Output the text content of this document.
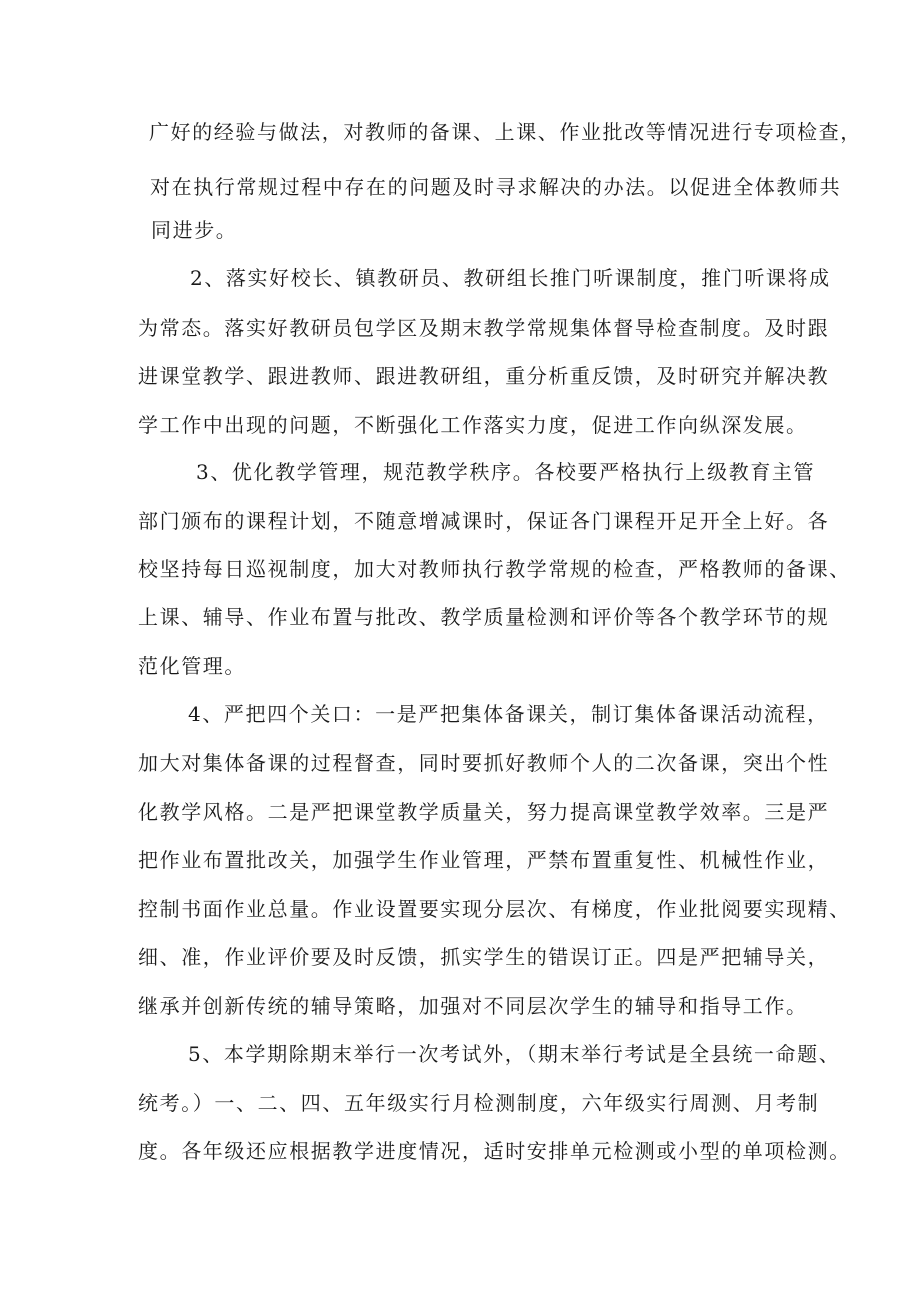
广好的经验与做法，对教师的备课、上课、作业批改等情况进行专项检查，
对在执行常规过程中存在的问题及时寻求解决的办法。以促进全体教师共
同进步。
2、落实好校长、镇教研员、教研组长推门听课制度，推门听课将成
为常态。落实好教研员包学区及期末教学常规集体督导检查制度。及时跟
进课堂教学、跟进教师、跟进教研组，重分析重反馈，及时研究并解决教
学工作中出现的问题，不断强化工作落实力度，促进工作向纵深发展。
3、优化教学管理，规范教学秩序。各校要严格执行上级教育主管
部门颁布的课程计划，不随意增减课时，保证各门课程开足开全上好。各
校坚持每日巡视制度，加大对教师执行教学常规的检查，严格教师的备课、
上课、辅导、作业布置与批改、教学质量检测和评价等各个教学环节的规
范化管理。
4、严把四个关口：一是严把集体备课关，制订集体备课活动流程，
加大对集体备课的过程督查，同时要抓好教师个人的二次备课，突出个性
化教学风格。二是严把课堂教学质量关，努力提高课堂教学效率。三是严
把作业布置批改关，加强学生作业管理，严禁布置重复性、机械性作业，
控制书面作业总量。作业设置要实现分层次、有梯度，作业批阅要实现精、
细、准，作业评价要及时反馈，抓实学生的错误订正。四是严把辅导关，
继承并创新传统的辅导策略，加强对不同层次学生的辅导和指导工作。
5、本学期除期末举行一次考试外，（期末举行考试是全县统一命题、
统考。）一、二、四、五年级实行月检测制度，六年级实行周测、月考制
度。各年级还应根据教学进度情况，适时安排单元检测或小型的单项检测。
